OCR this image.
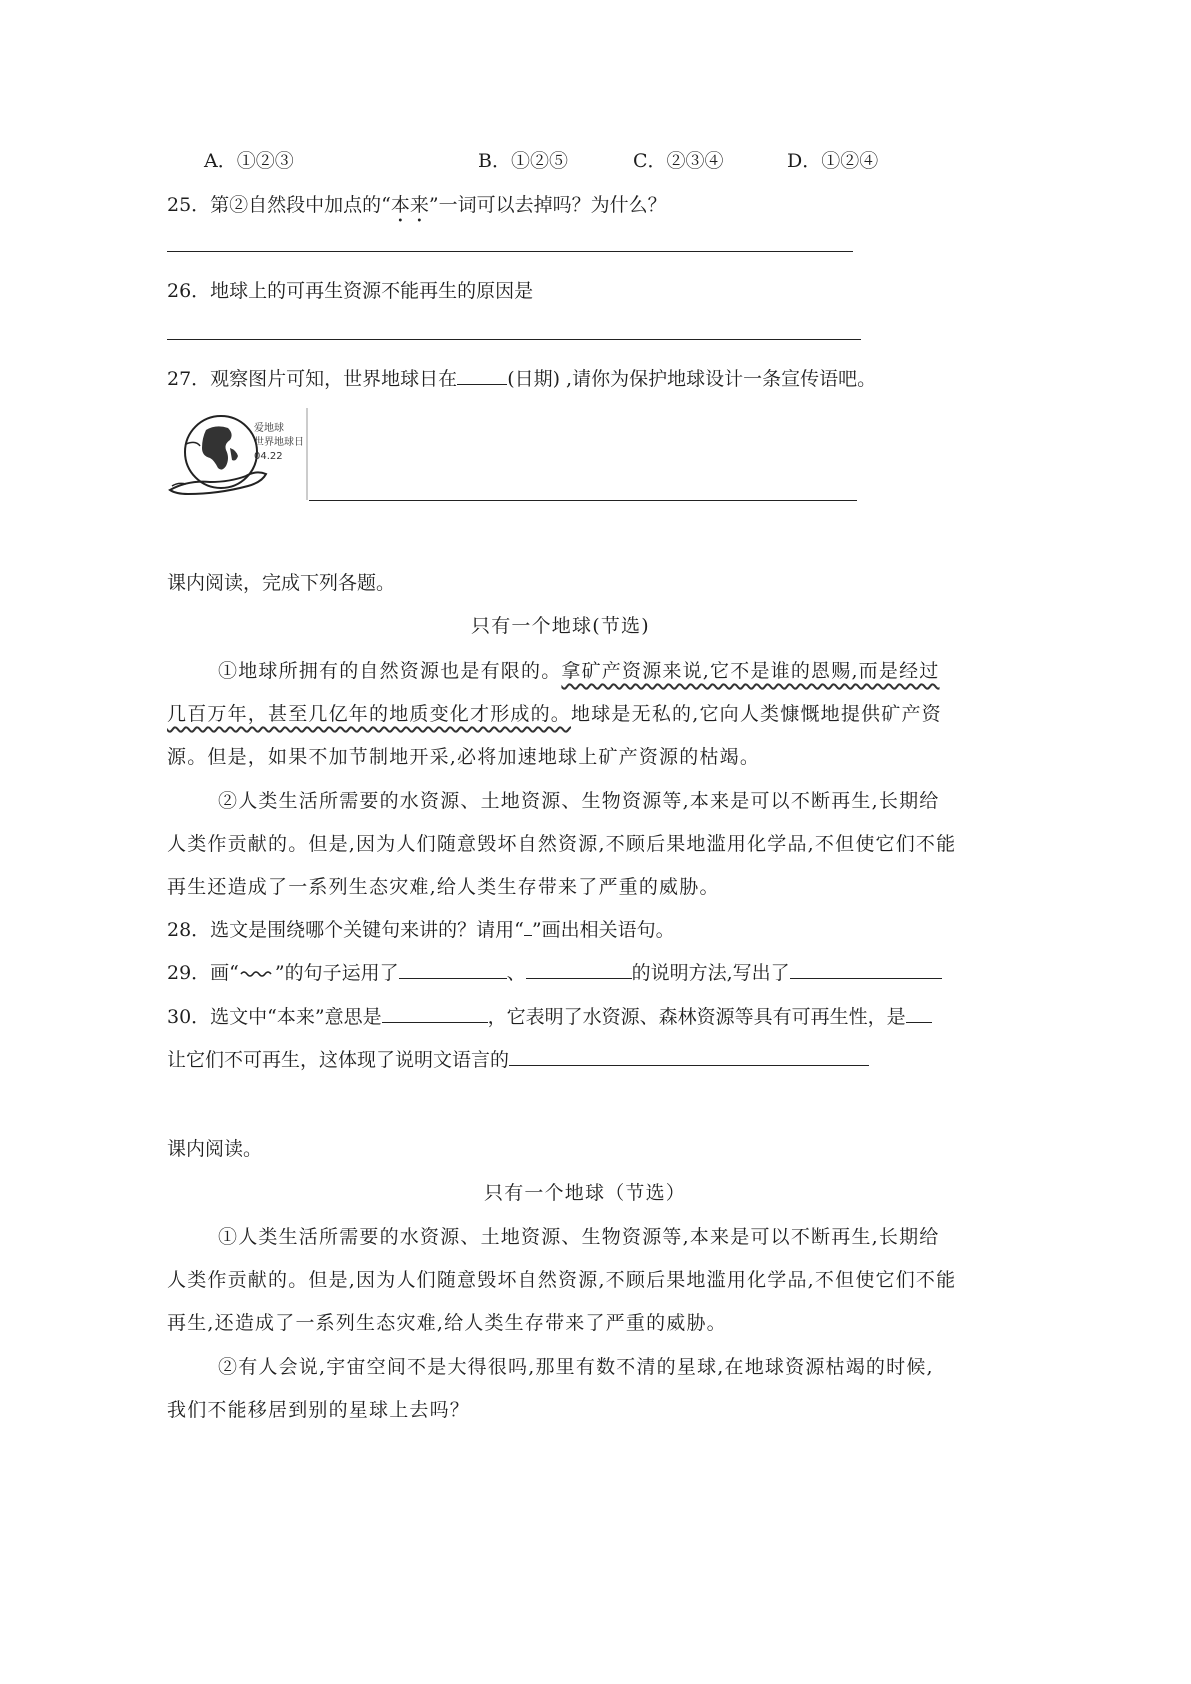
A．①②③	B．①②⑤	C．②③④	D．①②④
25．第②自然段中加点的“本来”一词可以去掉吗？为什么？
26．地球上的可再生资源不能再生的原因是
27．观察图片可知，世界地球日在	(日期) ,请你为保护地球设计一条宣传语吧。
爱地球
世界地球日
04.22
课内阅读，完成下列各题。
只有一个地球(节选)
①地球所拥有的自然资源也是有限的。拿矿产资源来说,它不是谁的恩赐,而是经过
几百万年，甚至几亿年的地质变化才形成的。地球是无私的,它向人类慷慨地提供矿产资
源。但是，如果不加节制地开采,必将加速地球上矿产资源的枯竭。
②人类生活所需要的水资源、土地资源、生物资源等,本来是可以不断再生,长期给
人类作贡献的。但是,因为人们随意毁坏自然资源,不顾后果地滥用化学品,不但使它们不能
再生还造成了一系列生态灾难,给人类生存带来了严重的威胁。
28．选文是围绕哪个关键句来讲的？请用“ ”画出相关语句。
29．画“ ”的句子运用了	、	的说明方法,写出了
30．选文中“本来”意思是	，它表明了水资源、森林资源等具有可再生性，是
让它们不可再生，这体现了说明文语言的
课内阅读。
只有一个地球（节选）
①人类生活所需要的水资源、土地资源、生物资源等,本来是可以不断再生,长期给
人类作贡献的。但是,因为人们随意毁坏自然资源,不顾后果地滥用化学品,不但使它们不能
再生,还造成了一系列生态灾难,给人类生存带来了严重的威胁。
②有人会说,宇宙空间不是大得很吗,那里有数不清的星球,在地球资源枯竭的时候,
我们不能移居到别的星球上去吗？
